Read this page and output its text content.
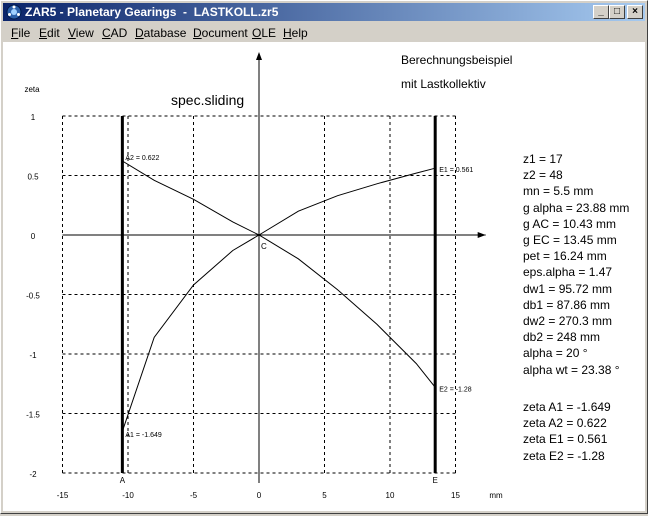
ZAR5 - Planetary Gearings  -  LASTKOLL.zr5	_	□	×
File Edit View CAD Database Document OLE Help
1
0.5
0
-0.5
-1
-1.5
-2
-15	-10	-5	0	5	10	15
A	E
C
spec.sliding
zeta
mm
A2 = 0.622
A1 = -1.649
E1 = 0.561
E2 = -1.28
Berechnungsbeispiel
mit Lastkollektiv
z1 = 17
z2 = 48
mn = 5.5 mm
g alpha = 23.88 mm
g AC = 10.43 mm
g EC = 13.45 mm
pet = 16.24 mm
eps.alpha = 1.47
dw1 = 95.72 mm
db1 = 87.86 mm
dw2 = 270.3 mm
db2 = 248 mm
alpha = 20 °
alpha wt = 23.38 °
zeta A1 = -1.649
zeta A2 = 0.622
zeta E1 = 0.561
zeta E2 = -1.28
